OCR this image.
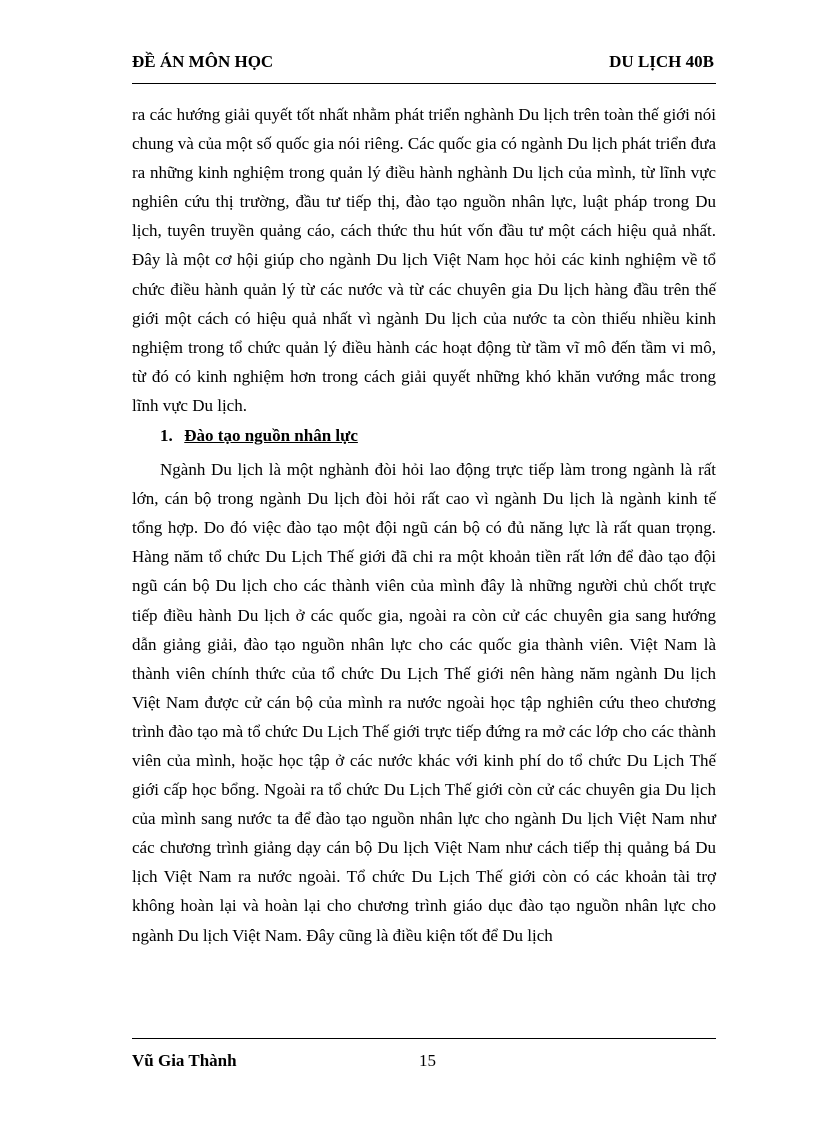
ĐỀ ÁN MÔN HỌC	DU LỊCH 40B

ra các hướng giải quyết tốt nhất nhằm phát triển nghành Du lịch trên toàn thế giới nói chung và của một số quốc gia nói riêng. Các quốc gia có ngành Du lịch phát triển đưa ra những kinh nghiệm trong quản lý điều hành nghành Du lịch của mình, từ lĩnh vực nghiên cứu thị trường, đầu tư tiếp thị, đào tạo nguồn nhân lực, luật pháp trong Du lịch, tuyên truyền quảng cáo, cách thức thu hút vốn đầu tư một cách hiệu quả nhất. Đây là một cơ hội giúp cho ngành Du lịch Việt Nam học hỏi các kinh nghiệm về tổ chức điều hành quản lý từ các nước và từ các chuyên gia Du lịch hàng đầu trên thế giới một cách có hiệu quả nhất vì ngành Du lịch của nước ta còn thiếu nhiều kinh nghiệm trong tổ chức quản lý điều hành các hoạt động từ tầm vĩ mô đến tầm vi mô, từ đó có kinh nghiệm hơn trong cách giải quyết những khó khăn vướng mắc trong lĩnh vực Du lịch.

1. Đào tạo nguồn nhân lực

Ngành Du lịch là một nghành đòi hỏi lao động trực tiếp làm trong ngành là rất lớn, cán bộ trong ngành Du lịch đòi hỏi rất cao vì ngành Du lịch là ngành kinh tế tổng hợp. Do đó việc đào tạo một đội ngũ cán bộ có đủ năng lực là rất quan trọng. Hàng năm tổ chức Du Lịch Thế giới đã chi ra một khoản tiền rất lớn để đào tạo đội ngũ cán bộ Du lịch cho các thành viên của mình đây là những người chủ chốt trực tiếp điều hành Du lịch ở các quốc gia, ngoài ra còn cử các chuyên gia sang hướng dẫn giảng giải, đào tạo nguồn nhân lực cho các quốc gia thành viên. Việt Nam là thành viên chính thức của tổ chức Du Lịch Thế giới nên hàng năm ngành Du lịch Việt Nam được cử cán bộ của mình ra nước ngoài học tập nghiên cứu theo chương trình đào tạo mà tổ chức Du Lịch Thế giới trực tiếp đứng ra mở các lớp cho các thành viên của mình, hoặc học tập ở các nước khác với kinh phí do tổ chức Du Lịch Thế giới cấp học bổng. Ngoài ra tổ chức Du Lịch Thế giới còn cử các chuyên gia Du lịch của mình sang nước ta để đào tạo nguồn nhân lực cho ngành Du lịch Việt Nam như các chương trình giảng dạy cán bộ Du lịch Việt Nam như cách tiếp thị quảng bá Du lịch Việt Nam ra nước ngoài. Tổ chức Du Lịch Thế giới còn có các khoản tài trợ không hoàn lại và hoàn lại cho chương trình giáo dục đào tạo nguồn nhân lực cho ngành Du lịch Việt Nam. Đây cũng là điều kiện tốt để Du lịch

Vũ Gia Thành	15
